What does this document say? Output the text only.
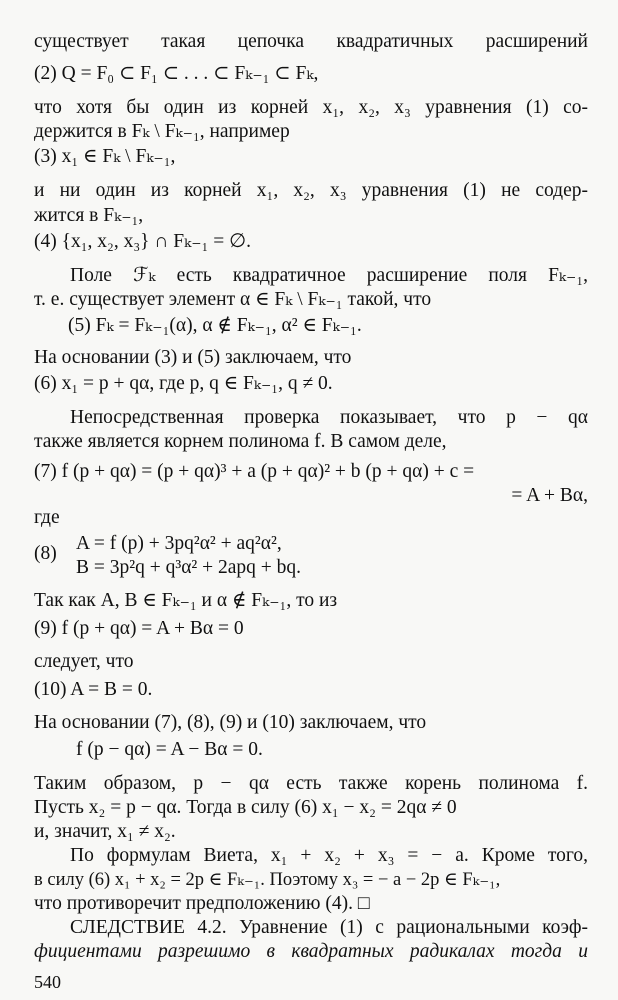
существует такая цепочка квадратичных расширений
(2) Q = F₀ ⊂ F₁ ⊂ . . . ⊂ Fₖ₋₁ ⊂ Fₖ,
что хотя бы один из корней x₁, x₂, x₃ уравнения (1) со-
держится в Fₖ \ Fₖ₋₁, например
(3) x₁ ∈ Fₖ \ Fₖ₋₁,
и ни один из корней x₁, x₂, x₃ уравнения (1) не содер-
жится в Fₖ₋₁,
(4) {x₁, x₂, x₃} ∩ Fₖ₋₁ = ∅.
Поле ℱₖ есть квадратичное расширение поля Fₖ₋₁,
т. е. существует элемент α ∈ Fₖ \ Fₖ₋₁ такой, что
(5) Fₖ = Fₖ₋₁(α), α ∉ Fₖ₋₁, α² ∈ Fₖ₋₁.
На основании (3) и (5) заключаем, что
(6) x₁ = p + qα, где p, q ∈ Fₖ₋₁, q ≠ 0.
Непосредственная проверка показывает, что p − qα
также является корнем полинома f. В самом деле,
(7) f (p + qα) = (p + qα)³ + a (p + qα)² + b (p + qα) + c =
= A + Bα,
где
(8) A = f (p) + 3pq²α² + aq²α²,
B = 3p²q + q³α² + 2apq + bq.
Так как A, B ∈ Fₖ₋₁ и α ∉ Fₖ₋₁, то из
(9) f (p + qα) = A + Bα = 0
следует, что
(10) A = B = 0.
На основании (7), (8), (9) и (10) заключаем, что
f (p − qα) = A − Bα = 0.
Таким образом, p − qα есть также корень полинома f.
Пусть x₂ = p − qα. Тогда в силу (6) x₁ − x₂ = 2qα ≠ 0
и, значит, x₁ ≠ x₂.
По формулам Виета, x₁ + x₂ + x₃ = − a. Кроме того,
в силу (6) x₁ + x₂ = 2p ∈ Fₖ₋₁. Поэтому x₃ = − a − 2p ∈ Fₖ₋₁,
что противоречит предположению (4). □
СЛЕДСТВИЕ 4.2. Уравнение (1) с рациональными коэф-
фициентами разрешимо в квадратных радикалах тогда и
540
